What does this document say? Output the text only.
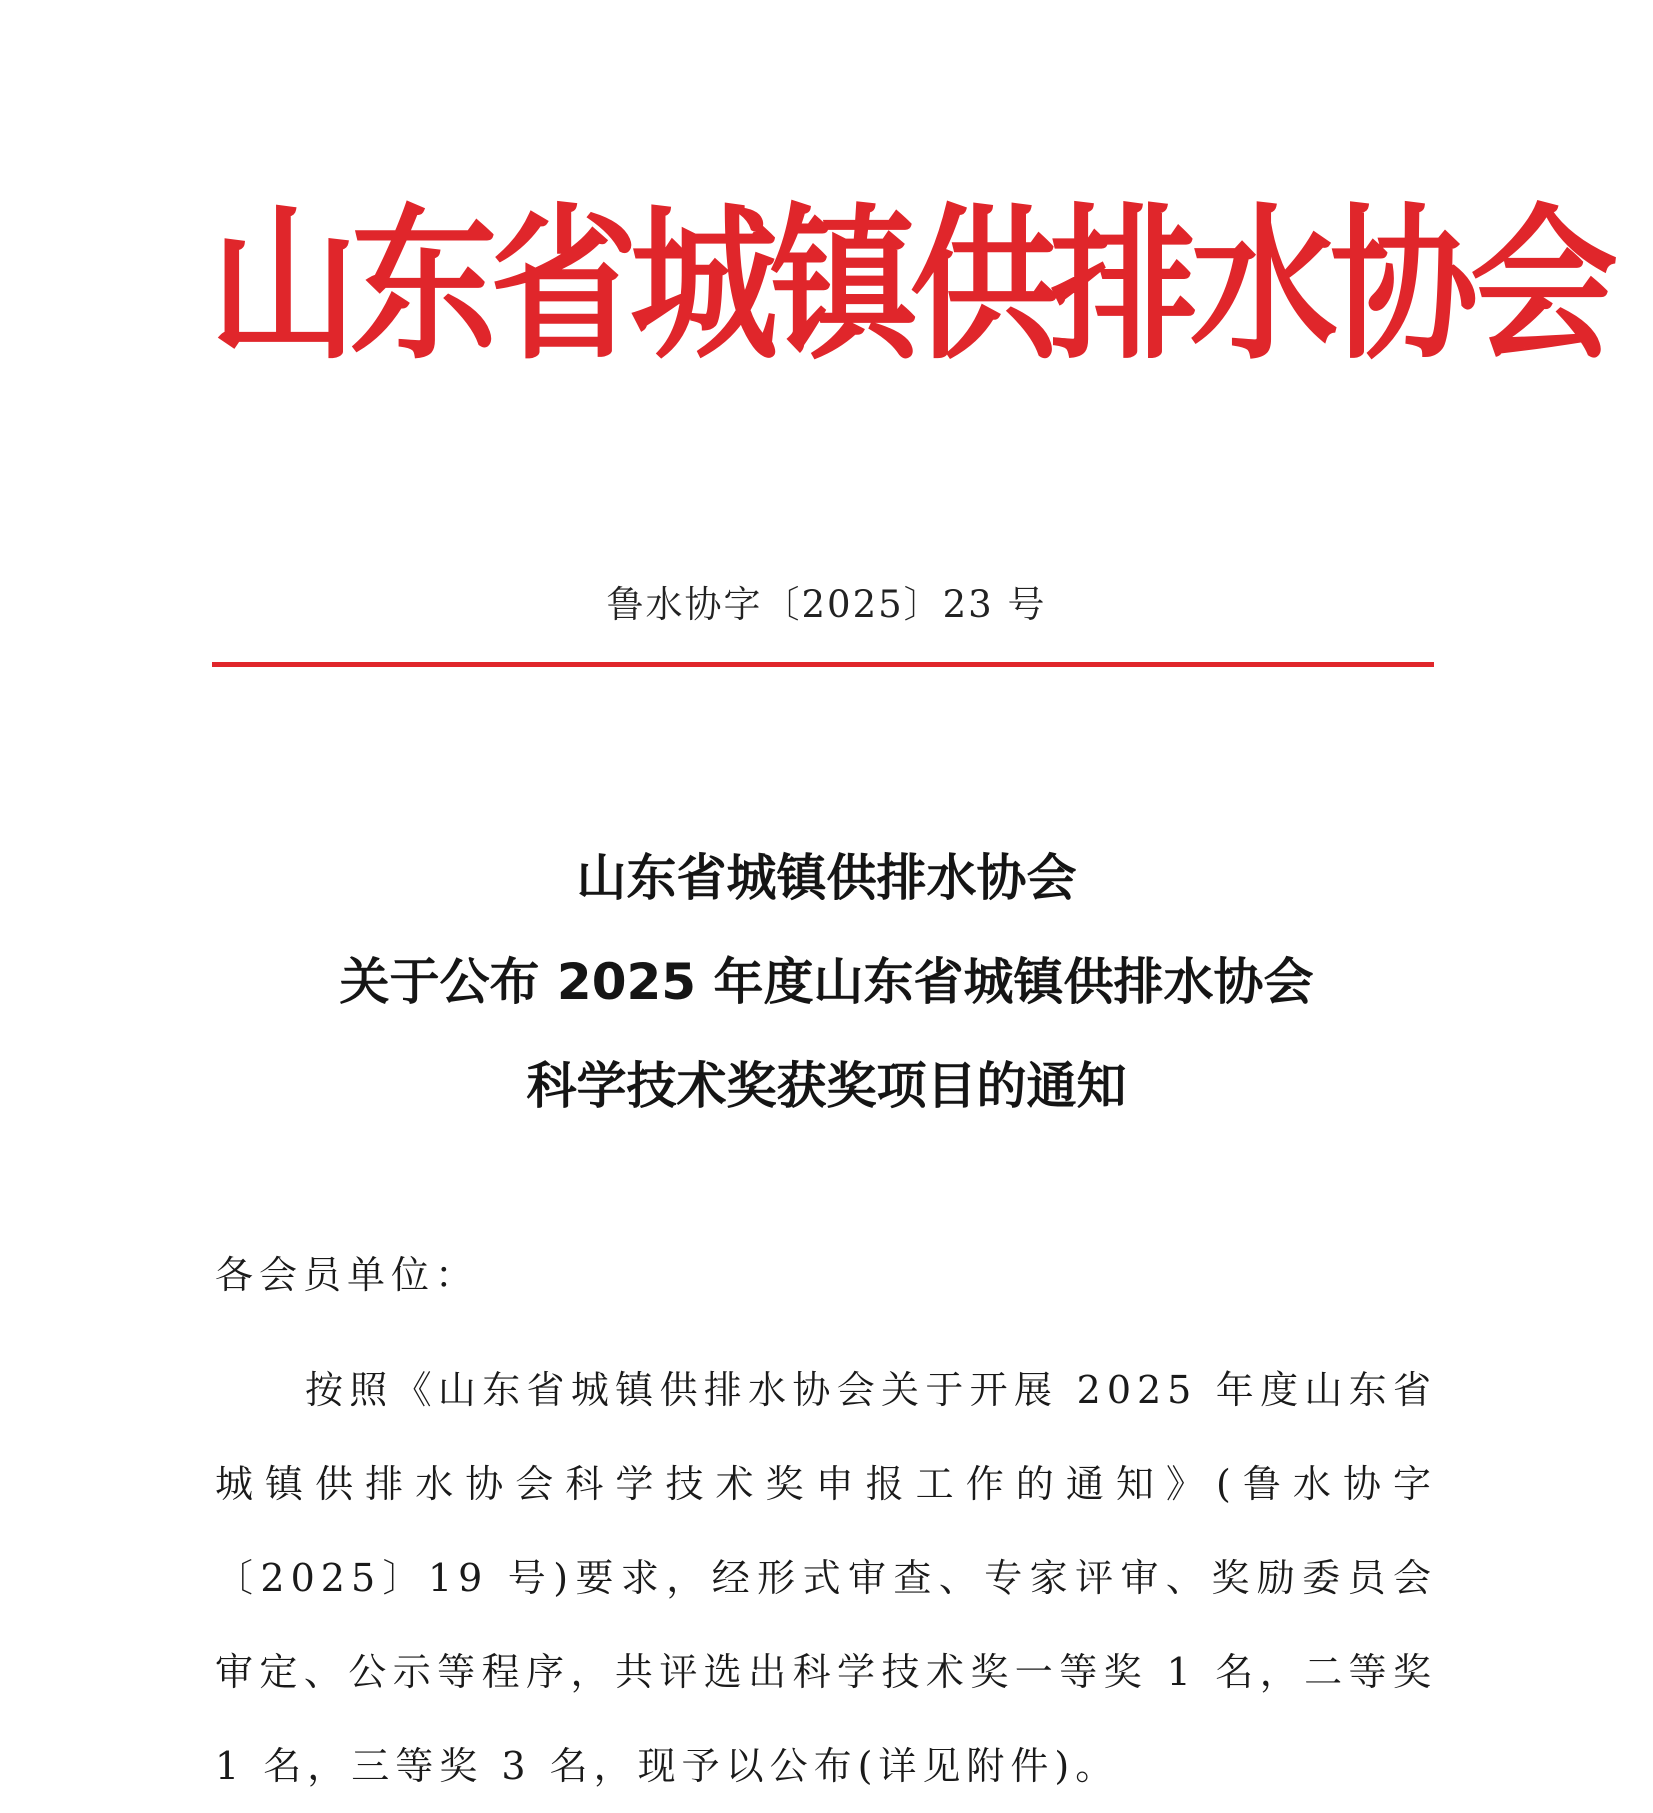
山东省城镇供排水协会
鲁水协字〔2025〕23 号
山东省城镇供排水协会
关于公布 2025 年度山东省城镇供排水协会
科学技术奖获奖项目的通知
各会员单位：
按照《山东省城镇供排水协会关于开展 2025 年度山东省城镇供排水协会科学技术奖申报工作的通知》(鲁水协字〔2025〕19 号)要求，经形式审查、专家评审、奖励委员会审定、公示等程序，共评选出科学技术奖一等奖 1 名，二等奖 1 名，三等奖 3 名，现予以公布(详见附件)。
